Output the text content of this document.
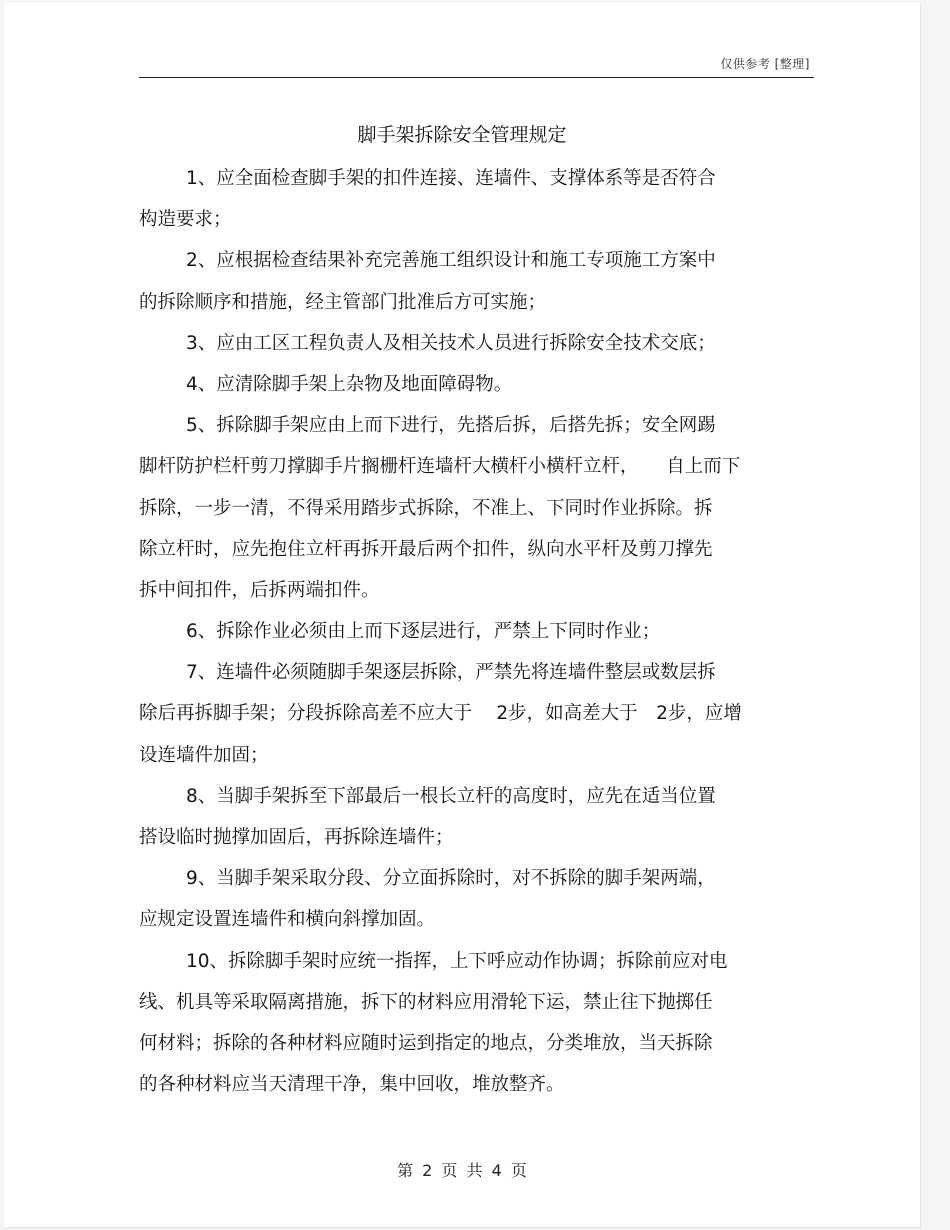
仅供参考 [整理]
脚手架拆除安全管理规定
1、应全面检查脚手架的扣件连接、连墙件、支撑体系等是否符合
构造要求；
2、应根据检查结果补充完善施工组织设计和施工专项施工方案中
的拆除顺序和措施，经主管部门批准后方可实施；
3、应由工区工程负责人及相关技术人员进行拆除安全技术交底；
4、应清除脚手架上杂物及地面障碍物。
5、拆除脚手架应由上而下进行，先搭后拆，后搭先拆；安全网踢
脚杆防护栏杆剪刀撑脚手片搁栅杆连墙杆大横杆小横杆立杆，　　自上而下
拆除，一步一清，不得采用踏步式拆除，不准上、下同时作业拆除。拆
除立杆时，应先抱住立杆再拆开最后两个扣件，纵向水平杆及剪刀撑先
拆中间扣件，后拆两端扣件。
6、拆除作业必须由上而下逐层进行，严禁上下同时作业；
7、连墙件必须随脚手架逐层拆除，严禁先将连墙件整层或数层拆
除后再拆脚手架；分段拆除高差不应大于　 2步，如高差大于　2步，应增
设连墙件加固；
8、当脚手架拆至下部最后一根长立杆的高度时，应先在适当位置
搭设临时抛撑加固后，再拆除连墙件；
9、当脚手架采取分段、分立面拆除时，对不拆除的脚手架两端，
应规定设置连墙件和横向斜撑加固。
10、拆除脚手架时应统一指挥，上下呼应动作协调；拆除前应对电
线、机具等采取隔离措施，拆下的材料应用滑轮下运，禁止往下抛掷任
何材料；拆除的各种材料应随时运到指定的地点，分类堆放，当天拆除
的各种材料应当天清理干净，集中回收，堆放整齐。
第 2 页 共 4 页
